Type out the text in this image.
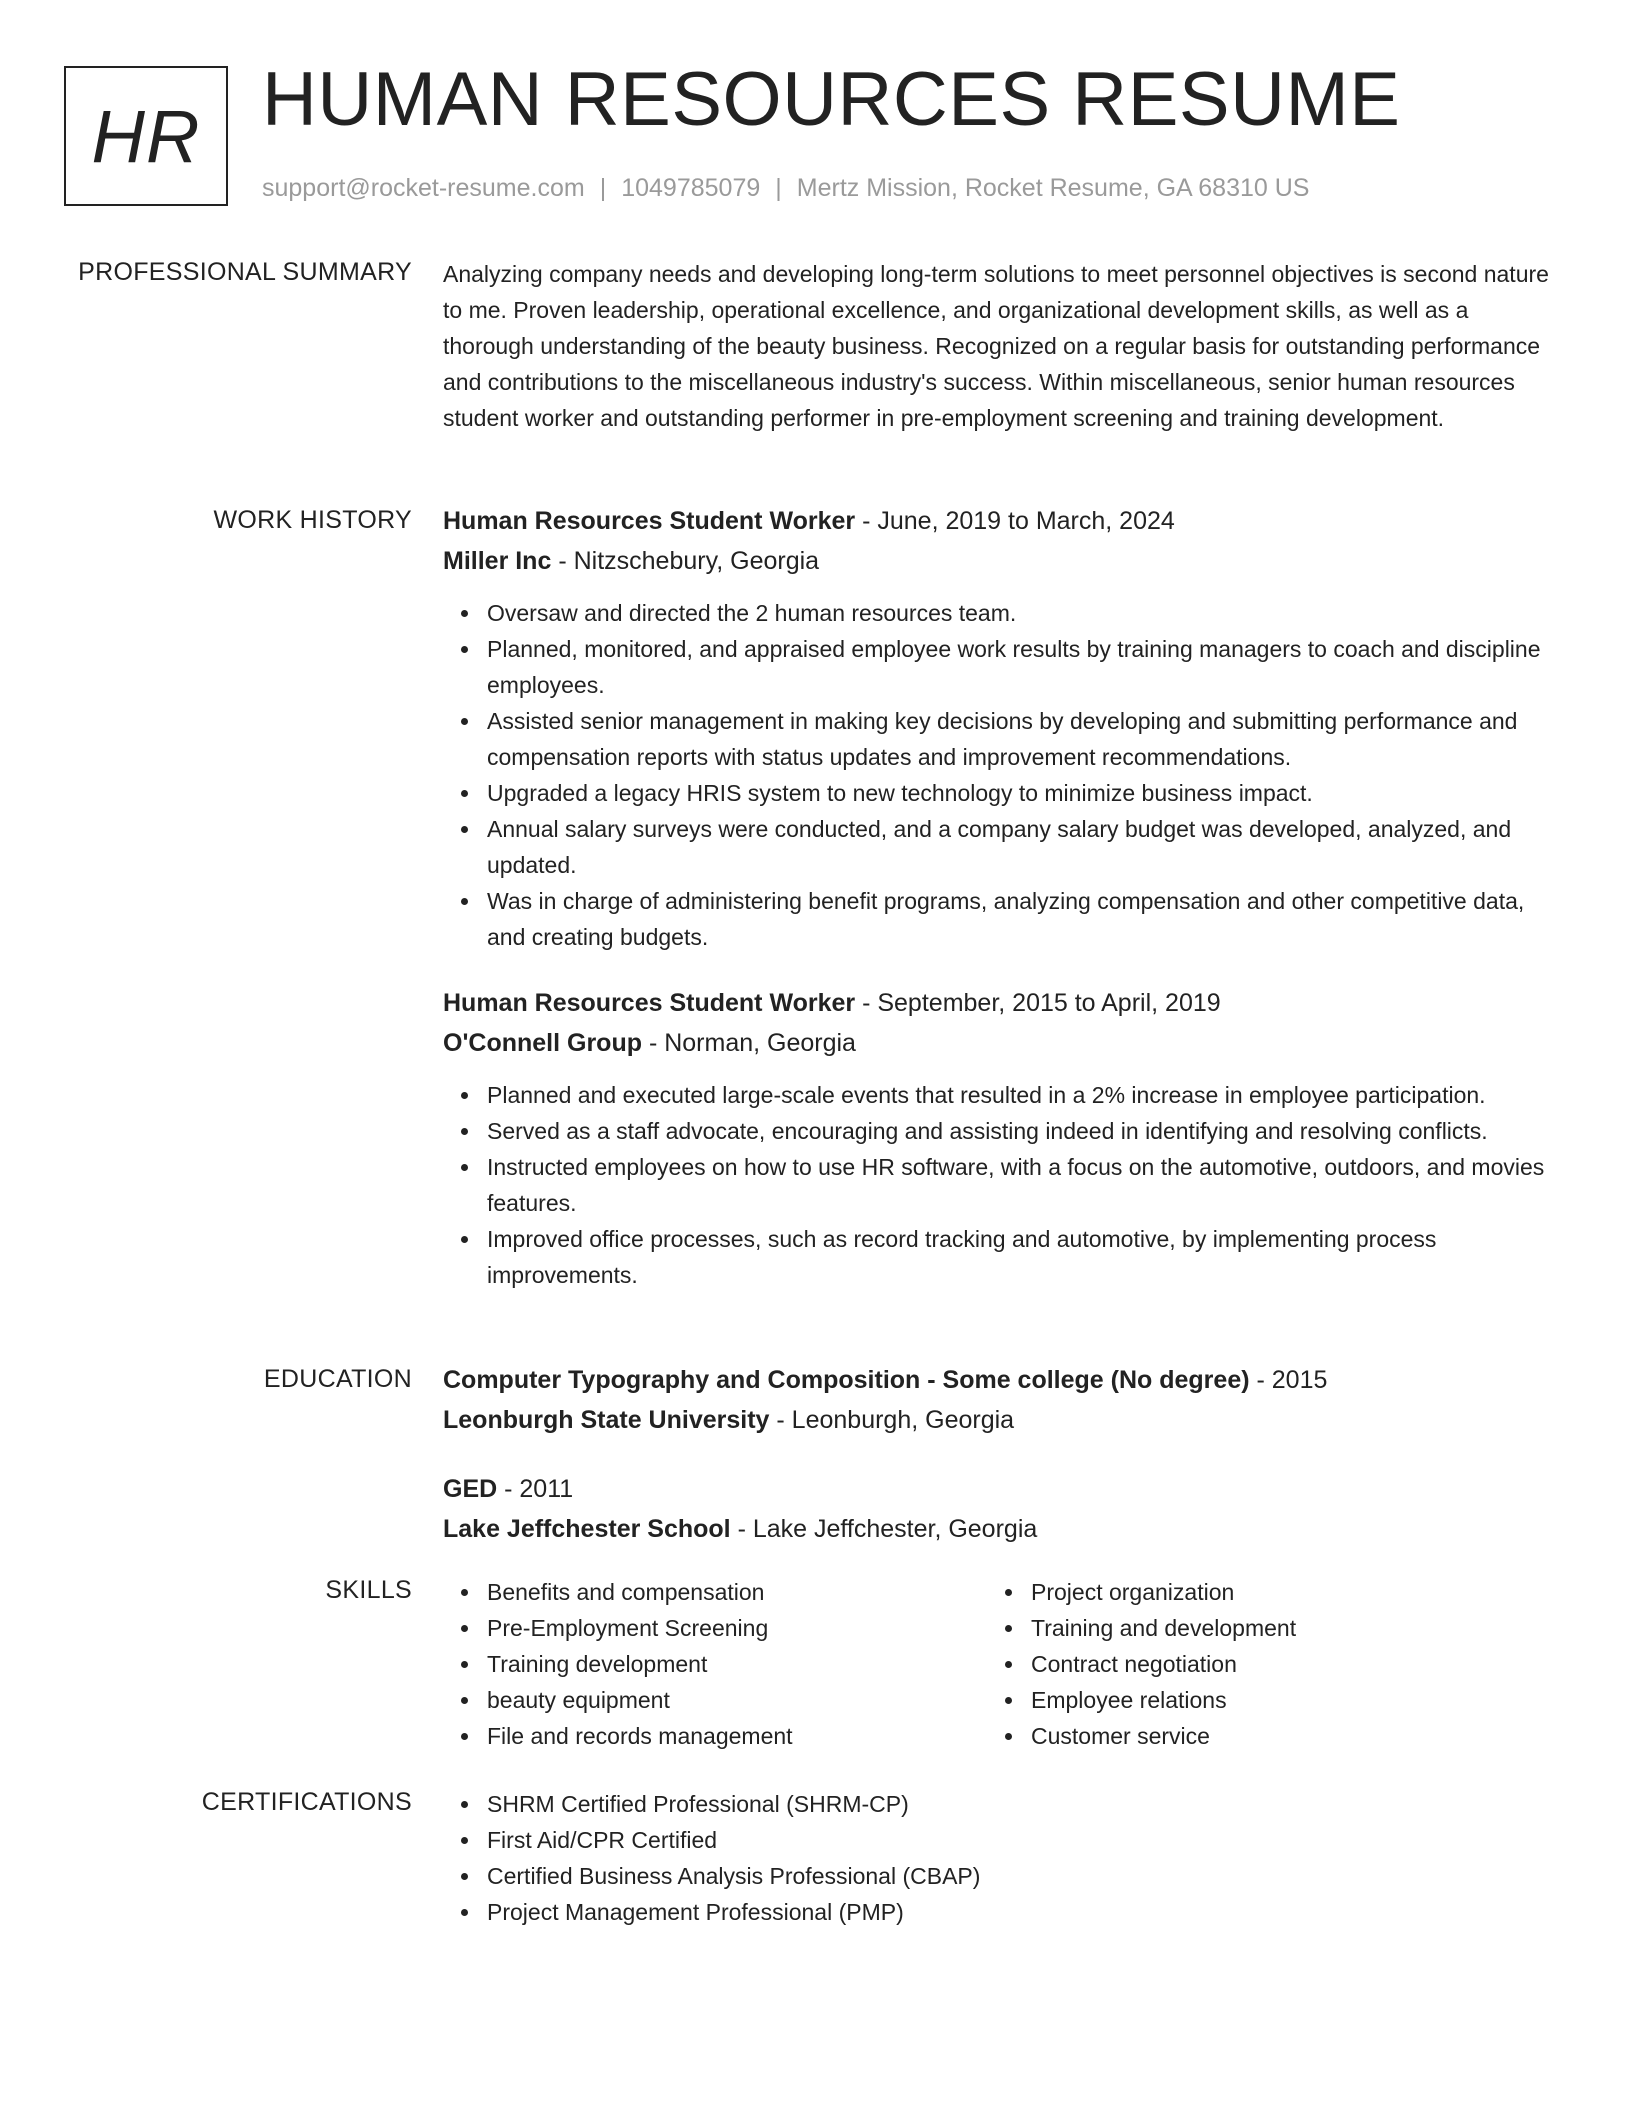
HR HUMAN RESOURCES RESUME
support@rocket-resume.com | 1049785079 | Mertz Mission, Rocket Resume, GA 68310 US
PROFESSIONAL SUMMARY Analyzing company needs and developing long-term solutions to meet personnel objectives is second nature to me. Proven leadership, operational excellence, and organizational development skills, as well as a thorough understanding of the beauty business. Recognized on a regular basis for outstanding performance and contributions to the miscellaneous industry's success. Within miscellaneous, senior human resources student worker and outstanding performer in pre-employment screening and training development.

WORK HISTORY Human Resources Student Worker - June, 2019 to March, 2024
Miller Inc - Nitzschebury, Georgia
Oversaw and directed the 2 human resources team.
Planned, monitored, and appraised employee work results by training managers to coach and discipline employees.
Assisted senior management in making key decisions by developing and submitting performance and compensation reports with status updates and improvement recommendations.
Upgraded a legacy HRIS system to new technology to minimize business impact.
Annual salary surveys were conducted, and a company salary budget was developed, analyzed, and updated.
Was in charge of administering benefit programs, analyzing compensation and other competitive data, and creating budgets.
Human Resources Student Worker - September, 2015 to April, 2019
O'Connell Group - Norman, Georgia
Planned and executed large-scale events that resulted in a 2% increase in employee participation.
Served as a staff advocate, encouraging and assisting indeed in identifying and resolving conflicts.
Instructed employees on how to use HR software, with a focus on the automotive, outdoors, and movies features.
Improved office processes, such as record tracking and automotive, by implementing process improvements.
EDUCATION Computer Typography and Composition - Some college (No degree) - 2015
Leonburgh State University - Leonburgh, Georgia
GED - 2011
Lake Jeffchester School - Lake Jeffchester, Georgia
SKILLS	Benefits and compensation
Pre-Employment Screening
Training development
beauty equipment
File and records management
Project organization
Training and development
Contract negotiation
Employee relations
Customer service
CERTIFICATIONS	SHRM Certified Professional (SHRM-CP)
First Aid/CPR Certified
Certified Business Analysis Professional (CBAP)
Project Management Professional (PMP)
